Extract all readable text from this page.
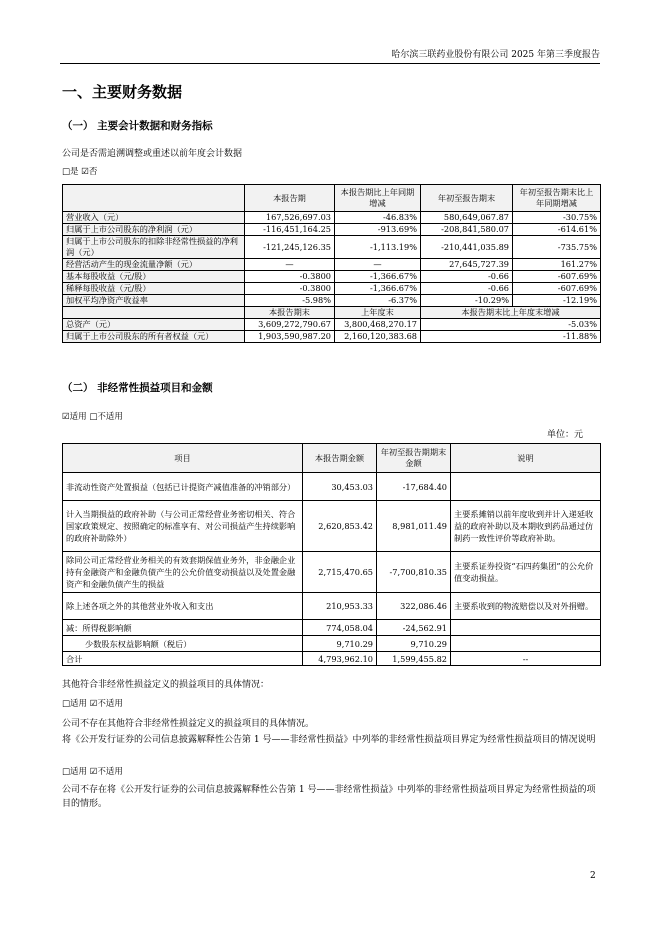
哈尔滨三联药业股份有限公司 2025 年第三季度报告
一、主要财务数据
（一） 主要会计数据和财务指标
公司是否需追溯调整或重述以前年度会计数据
□是 ☑否
	本报告期	本报告期比上年同期增减	年初至报告期末	年初至报告期末比上年同期增减
营业收入（元）	167,526,697.03	-46.83%	580,649,067.87	-30.75%
归属于上市公司股东的净利润（元）	-116,451,164.25	-913.69%	-208,841,580.07	-614.61%
归属于上市公司股东的扣除非经常性损益的净利润（元）	-121,245,126.35	-1,113.19%	-210,441,035.89	-735.75%
经营活动产生的现金流量净额（元）	—	—	27,645,727.39	161.27%
基本每股收益（元/股）	-0.3800	-1,366.67%	-0.66	-607.69%
稀释每股收益（元/股）	-0.3800	-1,366.67%	-0.66	-607.69%
加权平均净资产收益率	-5.98%	-6.37%	-10.29%	-12.19%
	本报告期末	上年度末	本报告期末比上年度末增减	
总资产（元）	3,609,272,790.67	3,800,468,270.17	-5.03%	
归属于上市公司股东的所有者权益（元）	1,903,590,987.20	2,160,120,383.68	-11.88%	
（二） 非经常性损益项目和金额
☑适用 □不适用
单位：元
项目	本报告期金额	年初至报告期期末金额	说明
非流动性资产处置损益（包括已计提资产减值准备的冲销部分）	30,453.03	-17,684.40	
计入当期损益的政府补助（与公司正常经营业务密切相关、符合国家政策规定、按照确定的标准享有、对公司损益产生持续影响的政府补助除外）	2,620,853.42	8,981,011.49	主要系摊销以前年度收到并计入递延收益的政府补助以及本期收到药品通过仿制药一致性评价等政府补助。
除同公司正常经营业务相关的有效套期保值业务外，非金融企业持有金融资产和金融负债产生的公允价值变动损益以及处置金融资产和金融负债产生的损益	2,715,470.65	-7,700,810.35	主要系证券投资“石四药集团”的公允价值变动损益。
除上述各项之外的其他营业外收入和支出	210,953.33	322,086.46	主要系收到的物流赔偿以及对外捐赠。
减：所得税影响额	774,058.04	-24,562.91	
少数股东权益影响额（税后）	9,710.29	9,710.29	
合计	4,793,962.10	1,599,455.82	--
其他符合非经常性损益定义的损益项目的具体情况：
□适用 ☑不适用
公司不存在其他符合非经常性损益定义的损益项目的具体情况。
将《公开发行证券的公司信息披露解释性公告第 1 号——非经常性损益》中列举的非经常性损益项目界定为经常性损益项目的情况说明
□适用 ☑不适用
公司不存在将《公开发行证券的公司信息披露解释性公告第 1 号——非经常性损益》中列举的非经常性损益项目界定为经常性损益的项目的情形。
2
